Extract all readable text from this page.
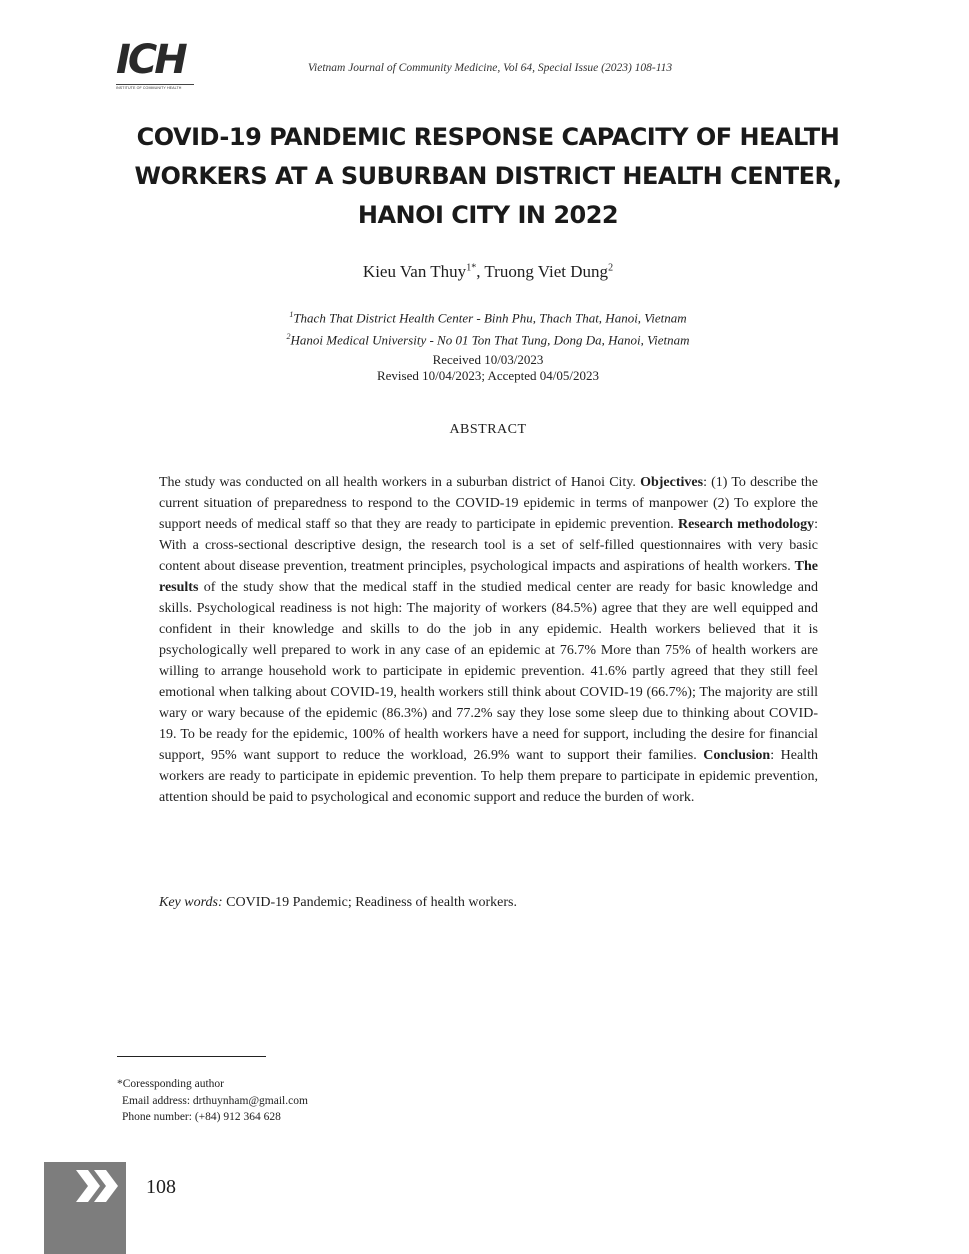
ICH
INSTITUTE OF COMMUNITY HEALTH
Vietnam Journal of Community Medicine, Vol 64, Special Issue (2023) 108-113
COVID-19 PANDEMIC RESPONSE CAPACITY OF HEALTH
WORKERS AT A SUBURBAN DISTRICT HEALTH CENTER,
HANOI CITY IN 2022
Kieu Van Thuy$^{1*}$, Truong Viet Dung$^2$
$^1$Thach That District Health Center - Binh Phu, Thach That, Hanoi, Vietnam
$^2$Hanoi Medical University - No 01 Ton That Tung, Dong Da, Hanoi, Vietnam
Received 10/03/2023
Revised 10/04/2023; Accepted 04/05/2023
ABSTRACT

The study was conducted on all health workers in a suburban district of Hanoi City. Objectives: (1) To describe the current situation of preparedness to respond to the COVID-19 epidemic in terms of manpower (2) To explore the support needs of medical staff so that they are ready to participate in epidemic prevention. Research methodology: With a cross-sectional descriptive design, the research tool is a set of self-filled questionnaires with very basic content about disease prevention, treatment principles, psychological impacts and aspirations of health workers. The results of the study show that the medical staff in the studied medical center are ready for basic knowledge and skills. Psychological readiness is not high: The majority of workers (84.5%) agree that they are well equipped and confident in their knowledge and skills to do the job in any epidemic. Health workers believed that it is psychologically well prepared to work in any case of an epidemic at 76.7% More than 75% of health workers are willing to arrange household work to participate in epidemic prevention. 41.6% partly agreed that they still feel emotional when talking about COVID-19, health workers still think about COVID-19 (66.7%); The majority are still wary or wary because of the epidemic (86.3%) and 77.2% say they lose some sleep due to thinking about COVID-19. To be ready for the epidemic, 100% of health workers have a need for support, including the desire for financial support, 95% want support to reduce the workload, 26.9% want to support their families. Conclusion: Health workers are ready to participate in epidemic prevention. To help them prepare to participate in epidemic prevention, attention should be paid to psychological and economic support and reduce the burden of work.

Key words: COVID-19 Pandemic; Readiness of health workers.
*Coressponding author
Email address: drthuynham@gmail.com
Phone number: (+84) 912 364 628
108
